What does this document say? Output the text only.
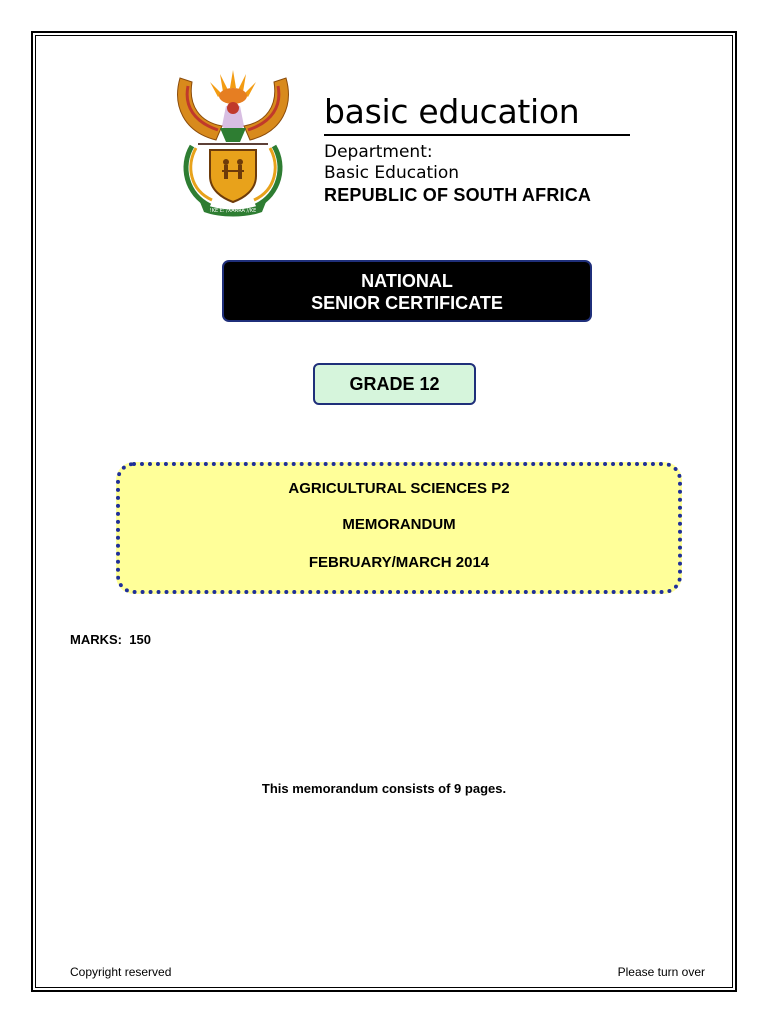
!KE E: /XARRA //KE
basic education
Department:
Basic Education
REPUBLIC OF SOUTH AFRICA
NATIONAL
SENIOR CERTIFICATE
GRADE 12
AGRICULTURAL SCIENCES P2
MEMORANDUM
FEBRUARY/MARCH 2014
MARKS: 150
This memorandum consists of 9 pages.
Copyright reserved	Please turn over
